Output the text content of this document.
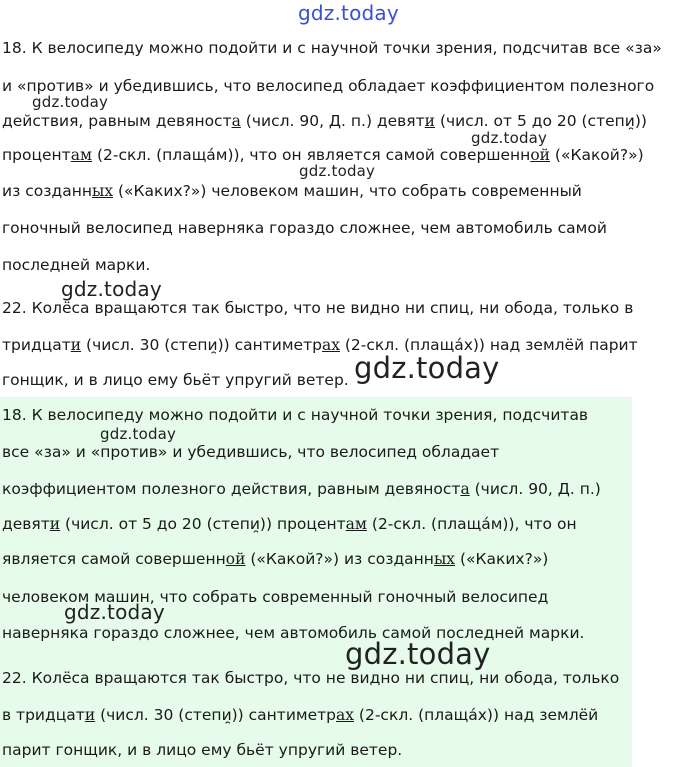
18. К велосипеду можно подойти и с научной точки зрения, подсчитав все «за»
и «против» и убедившись, что велосипед обладает коэффициентом полезного
действия, равным девяноста (числ. 90, Д. п.) девяти (числ. от 5 до 20 (степи̯))
процентам (2-скл. (плаща́м)), что он является самой совершенной («Какой?»)
из созданных («Каких?») человеком машин, что собрать современный
гоночный велосипед наверняка гораздо сложнее, чем автомобиль самой
последней марки.
22. Колёса вращаются так быстро, что не видно ни спиц, ни обода, только в
тридцати (числ. 30 (степи̯)) сантиметрах (2-скл. (плаща́х)) над землёй парит
гонщик, и в лицо ему бьёт упругий ветер.
18. К велосипеду можно подойти и с научной точки зрения, подсчитав
все «за» и «против» и убедившись, что велосипед обладает
коэффициентом полезного действия, равным девяноста (числ. 90, Д. п.)
девяти (числ. от 5 до 20 (степи̯)) процентам (2-скл. (плаща́м)), что он
является самой совершенной («Какой?») из созданных («Каких?»)
человеком машин, что собрать современный гоночный велосипед
наверняка гораздо сложнее, чем автомобиль самой последней марки.
22. Колёса вращаются так быстро, что не видно ни спиц, ни обода, только
в тридцати (числ. 30 (степи̯)) сантиметрах (2-скл. (плаща́х)) над землёй
парит гонщик, и в лицо ему бьёт упругий ветер.
gdz.today
gdz.today
gdz.today
gdz.today
gdz.today
gdz.today
gdz.today
gdz.today
gdz.today
